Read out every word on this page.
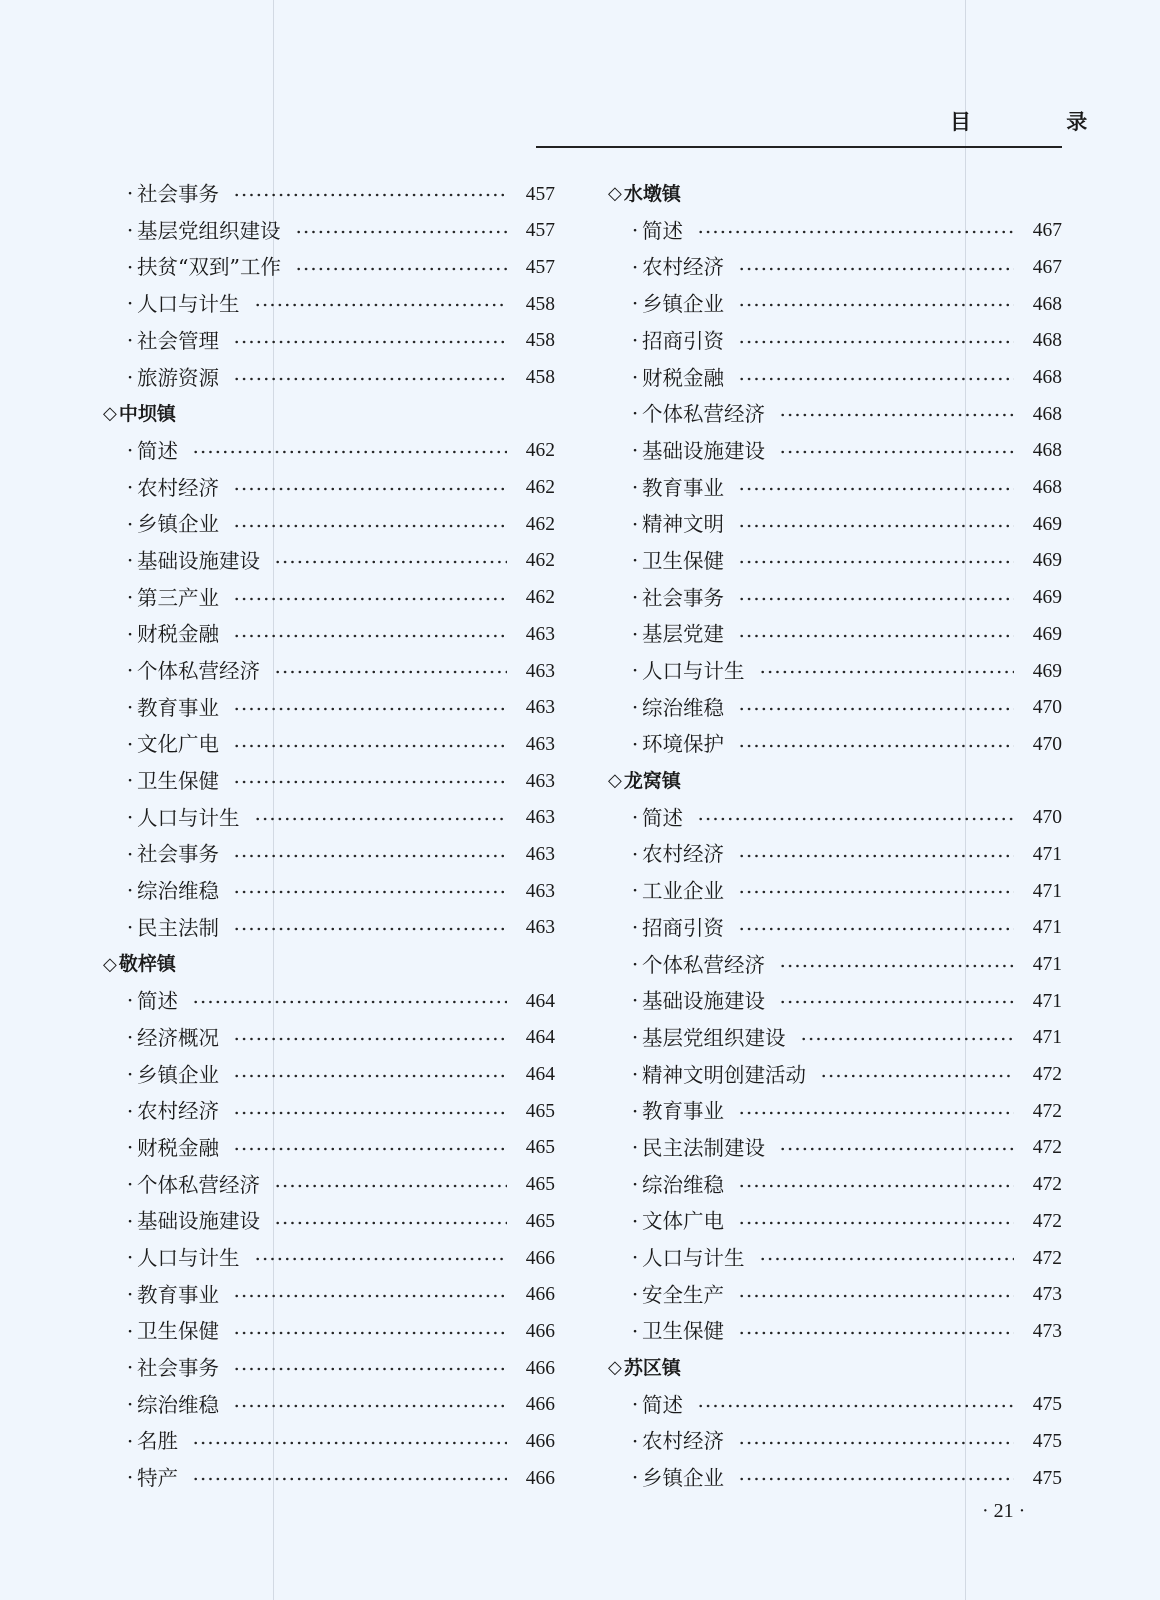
目 录
· 社会事务	457
· 基层党组织建设	457
· 扶贫“双到”工作	457
· 人口与计生	458
· 社会管理	458
· 旅游资源	458
◇ 中坝镇
· 简述	462
· 农村经济	462
· 乡镇企业	462
· 基础设施建设	462
· 第三产业	462
· 财税金融	463
· 个体私营经济	463
· 教育事业	463
· 文化广电	463
· 卫生保健	463
· 人口与计生	463
· 社会事务	463
· 综治维稳	463
· 民主法制	463
◇ 敬梓镇
· 简述	464
· 经济概况	464
· 乡镇企业	464
· 农村经济	465
· 财税金融	465
· 个体私营经济	465
· 基础设施建设	465
· 人口与计生	466
· 教育事业	466
· 卫生保健	466
· 社会事务	466
· 综治维稳	466
· 名胜	466
· 特产	466
◇ 水墩镇
· 简述	467
· 农村经济	467
· 乡镇企业	468
· 招商引资	468
· 财税金融	468
· 个体私营经济	468
· 基础设施建设	468
· 教育事业	468
· 精神文明	469
· 卫生保健	469
· 社会事务	469
· 基层党建	469
· 人口与计生	469
· 综治维稳	470
· 环境保护	470
◇ 龙窝镇
· 简述	470
· 农村经济	471
· 工业企业	471
· 招商引资	471
· 个体私营经济	471
· 基础设施建设	471
· 基层党组织建设	471
· 精神文明创建活动	472
· 教育事业	472
· 民主法制建设	472
· 综治维稳	472
· 文体广电	472
· 人口与计生	472
· 安全生产	473
· 卫生保健	473
◇ 苏区镇
· 简述	475
· 农村经济	475
· 乡镇企业	475
· 21 ·
